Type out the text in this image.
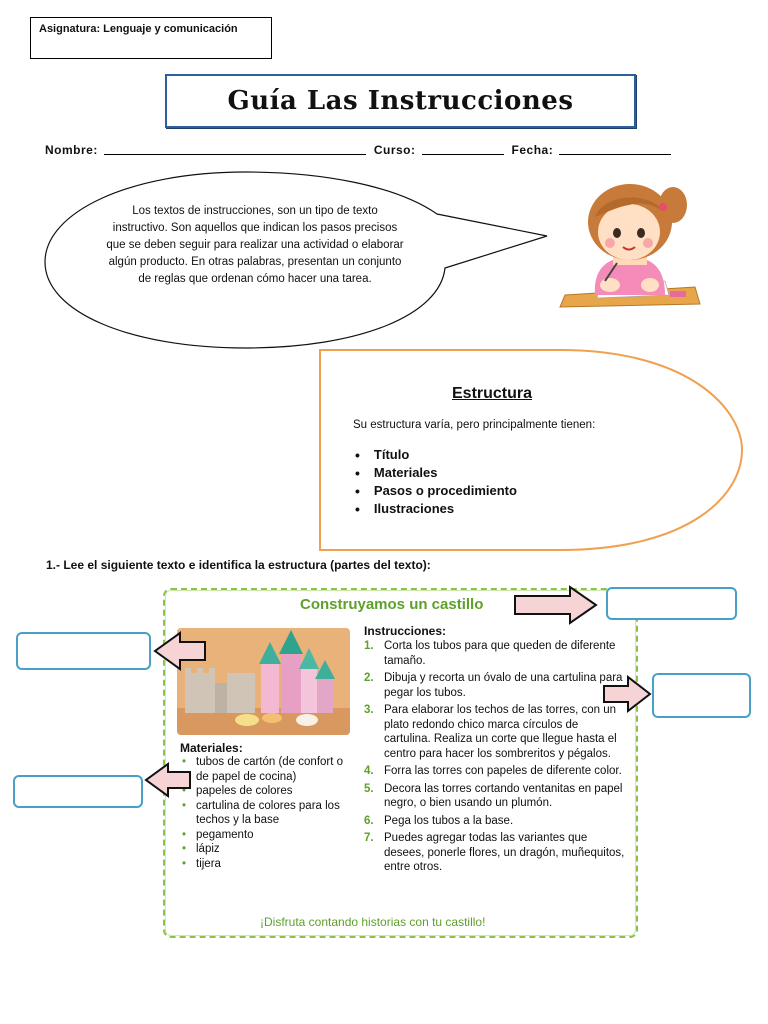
Asignatura: Lenguaje y comunicación
Guía Las Instrucciones
Nombre:	Curso:	Fecha:
Los textos de instrucciones, son un tipo de texto instructivo. Son aquellos que indican los pasos precisos que se deben seguir para realizar una actividad o elaborar algún producto. En otras palabras, presentan un conjunto de reglas que ordenan cómo hacer una tarea.
Estructura
Su estructura varía, pero principalmente tienen:
• Título
• Materiales
• Pasos o procedimiento
• Ilustraciones
1.- Lee el siguiente texto e identifica la estructura (partes del texto):
Construyamos un castillo
Materiales:
• tubos de cartón (de confort o de papel de cocina)
• papeles de colores
• cartulina de colores para los techos y la base
• pegamento
• lápiz
• tijera
Instrucciones:
1. Corta los tubos para que queden de diferente tamaño.
2. Dibuja y recorta un óvalo de una cartulina para pegar los tubos.
3. Para elaborar los techos de las torres, con un plato redondo chico marca círculos de cartulina. Realiza un corte que llegue hasta el centro para hacer los sombreritos y pégalos.
4. Forra las torres con papeles de diferente color.
5. Decora las torres cortando ventanitas en papel negro, o bien usando un plumón.
6. Pega los tubos a la base.
7. Puedes agregar todas las variantes que desees, ponerle flores, un dragón, muñequitos, entre otros.
¡Disfruta contando historias con tu castillo!
